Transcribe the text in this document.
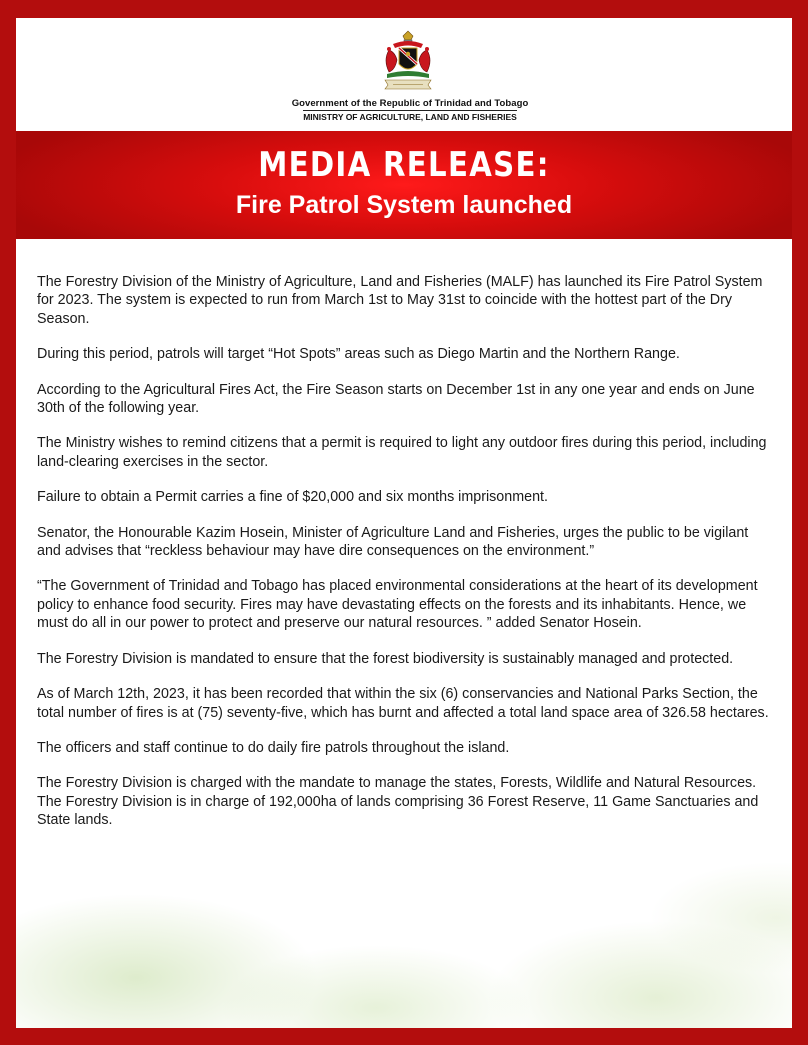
Government of the Republic of Trinidad and Tobago
MINISTRY OF AGRICULTURE, LAND AND FISHERIES
MEDIA RELEASE:
Fire Patrol System launched

The Forestry Division of the Ministry of Agriculture, Land and Fisheries (MALF) has launched its Fire Patrol System for 2023. The system is expected to run from March 1st to May 31st to coincide with the hottest part of the Dry Season.

During this period, patrols will target “Hot Spots” areas such as Diego Martin and the Northern Range.

According to the Agricultural Fires Act, the Fire Season starts on December 1st in any one year and ends on June 30th of the following year.

The Ministry wishes to remind citizens that a permit is required to light any outdoor fires during this period, including land-clearing exercises in the sector.

Failure to obtain a Permit carries a fine of $20,000 and six months imprisonment.

Senator, the Honourable Kazim Hosein, Minister of Agriculture Land and Fisheries, urges the public to be vigilant and advises that “reckless behaviour may have dire consequences on the environment.”

“The Government of Trinidad and Tobago has placed environmental considerations at the heart of its development policy to enhance food security. Fires may have devastating effects on the forests and its inhabitants. Hence, we must do all in our power to protect and preserve our natural resources. ” added Senator Hosein.

The Forestry Division is mandated to ensure that the forest biodiversity is sustainably managed and protected.

As of March 12th, 2023, it has been recorded that within the six (6) conservancies and National Parks Section, the total number of fires is at (75) seventy-five, which has burnt and affected a total land space area of 326.58 hectares.

The officers and staff continue to do daily fire patrols throughout the island.

The Forestry Division is charged with the mandate to manage the states, Forests, Wildlife and Natural Resources. The Forestry Division is in charge of 192,000ha of lands comprising 36 Forest Reserve, 11 Game Sanctuaries and State lands.
